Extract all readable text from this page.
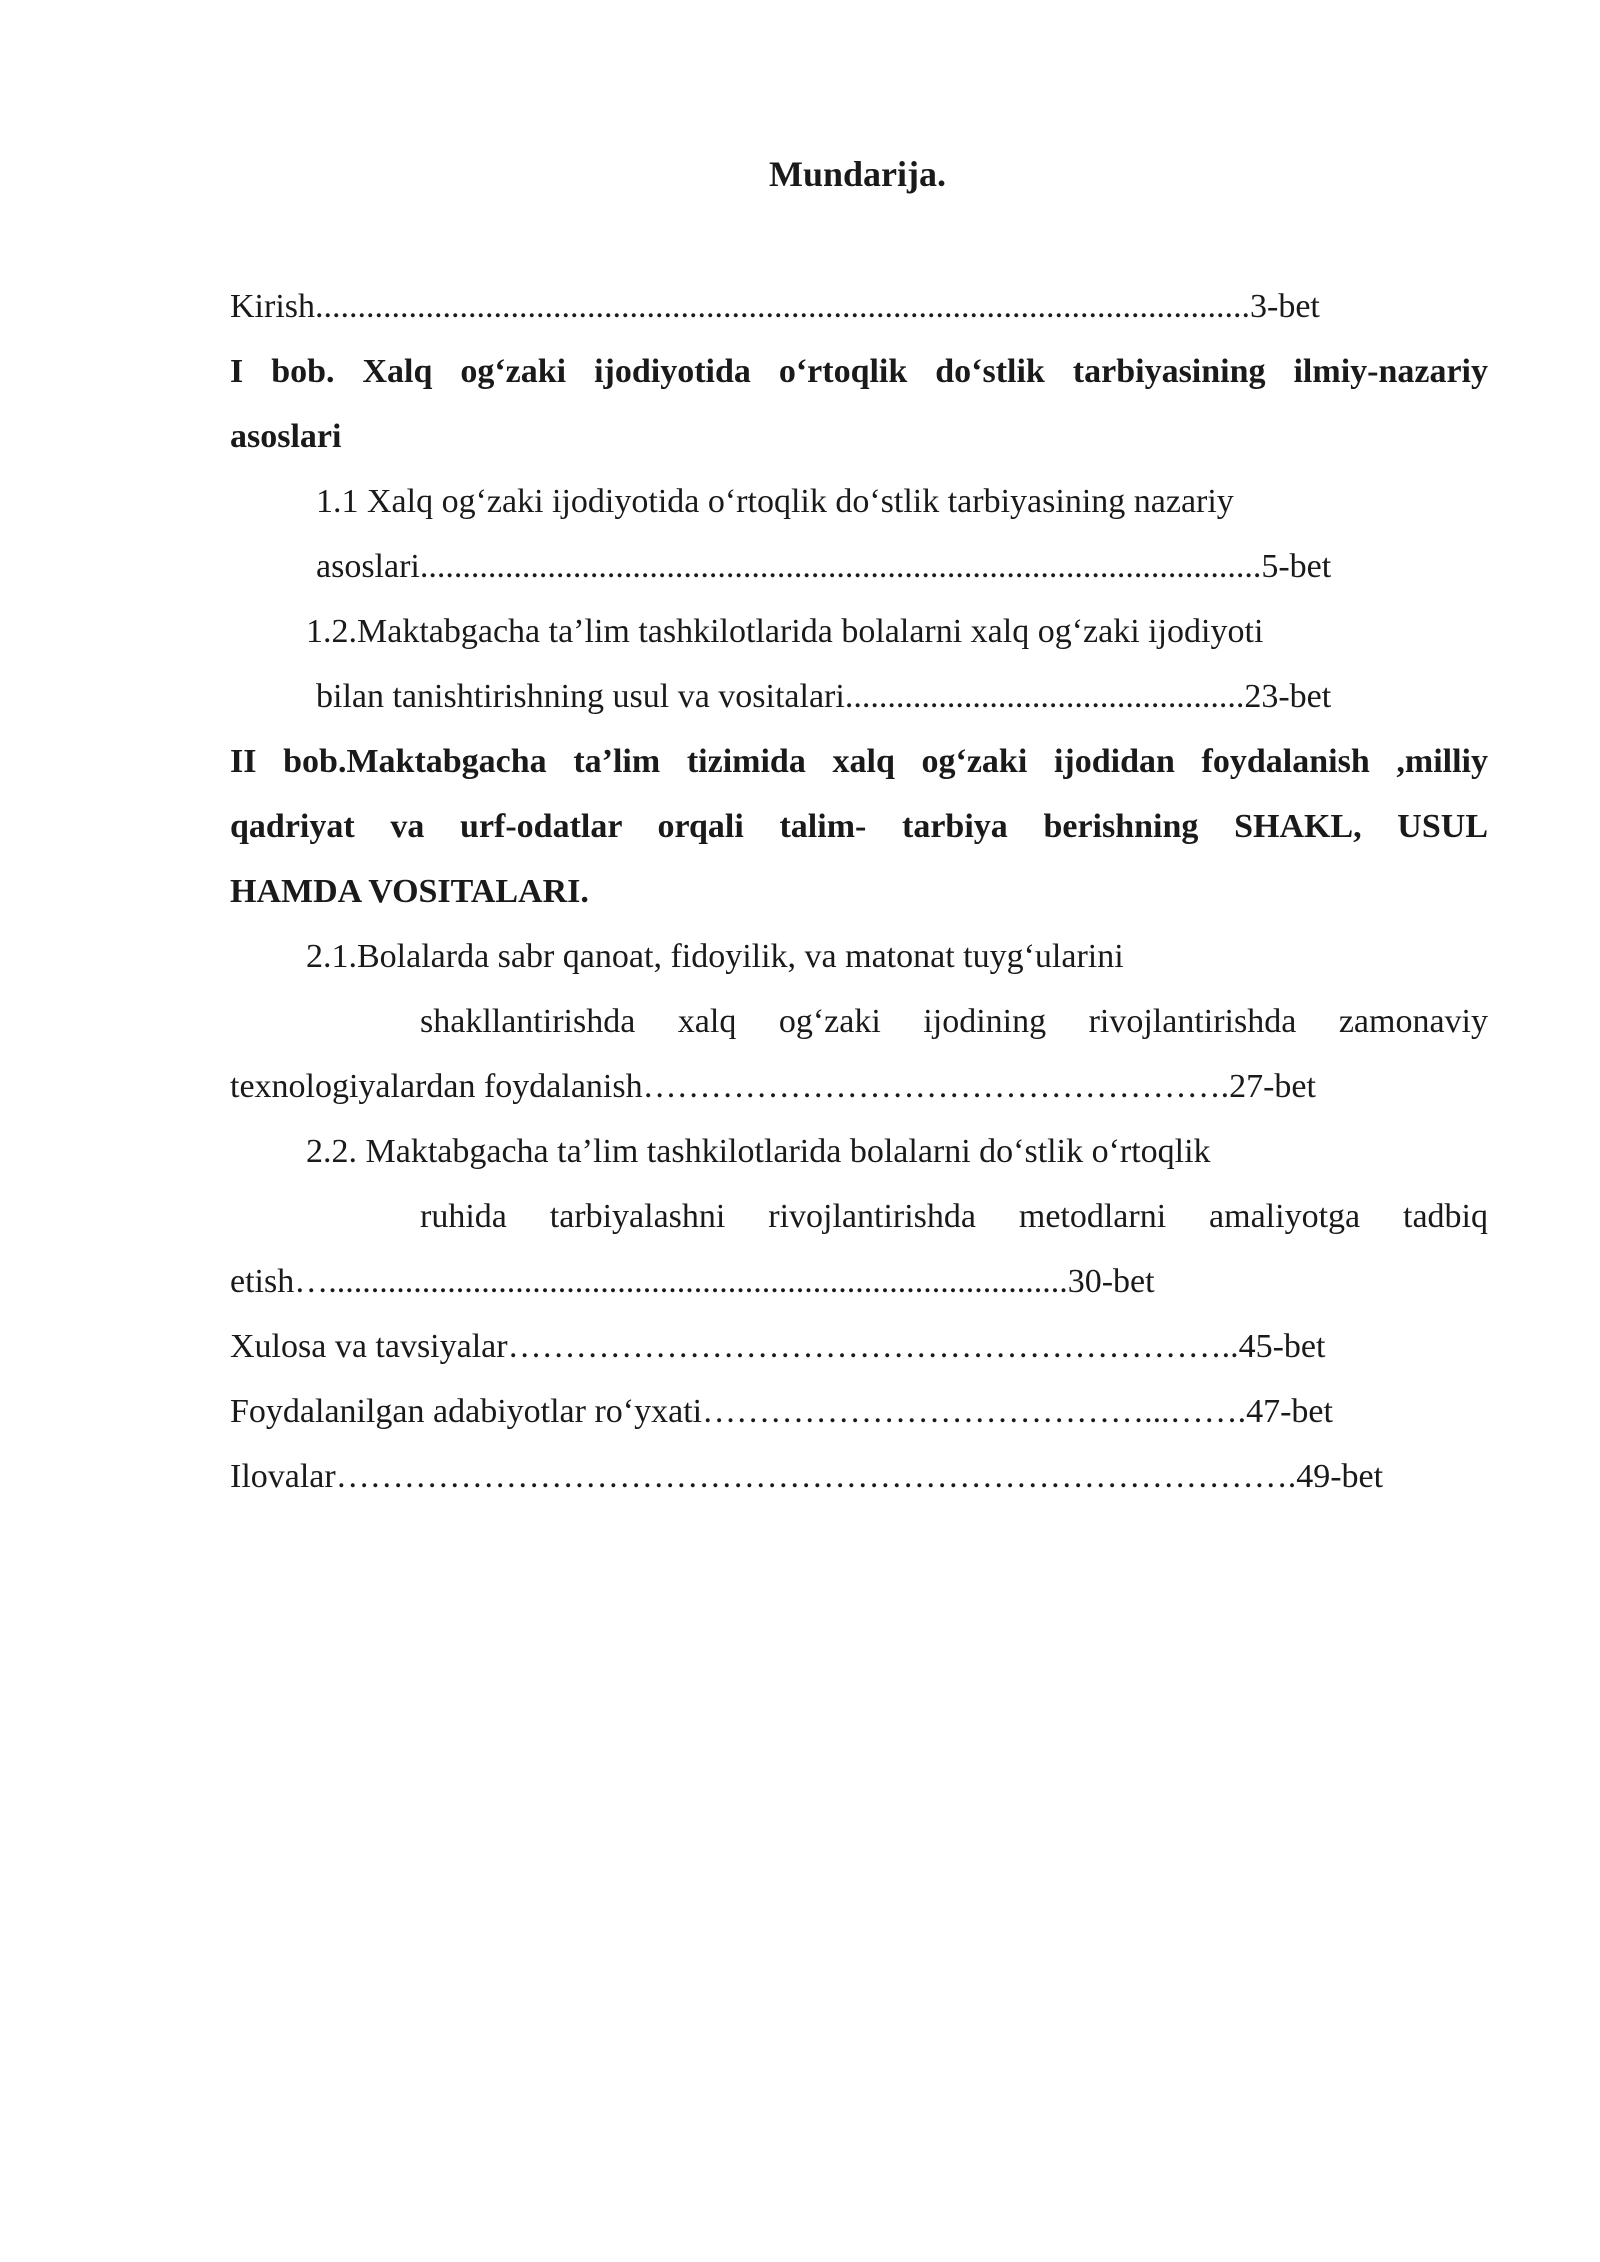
Mundarija.
Kirish..............................................................................................................3-bet
I bob. Xalq og‘zaki ijodiyotida o‘rtoqlik do‘stlik tarbiyasining ilmiy-nazariy
asoslari
1.1 Xalq og‘zaki ijodiyotida o‘rtoqlik do‘stlik tarbiyasining nazariy
asoslari...................................................................................................5-bet
1.2.Maktabgacha ta’lim tashkilotlarida bolalarni xalq og‘zaki ijodiyoti
bilan tanishtirishning usul va vositalari...............................................23-bet
II bob.Maktabgacha ta’lim tizimida xalq og‘zaki ijodidan foydalanish ,milliy
qadriyat va urf-odatlar orqali talim- tarbiya berishning SHAKL, USUL
HAMDA VOSITALARI.
2.1.Bolalarda sabr qanoat, fidoyilik, va matonat tuyg‘ularini
shakllantirishda xalq og‘zaki ijodining rivojlantirishda zamonaviy
texnologiyalardan foydalanish…………………………………………….27-bet
2.2. Maktabgacha ta’lim tashkilotlarida bolalarni do‘stlik o‘rtoqlik
ruhida tarbiyalashni rivojlantirishda metodlarni amaliyotga tadbiq
etish….......................................................................................30-bet
Xulosa va tavsiyalar………………………………………………………..45-bet
Foydalanilgan adabiyotlar ro‘yxati…………………………………...…….47-bet
Ilovalar………………………………………………………………………….49-bet
